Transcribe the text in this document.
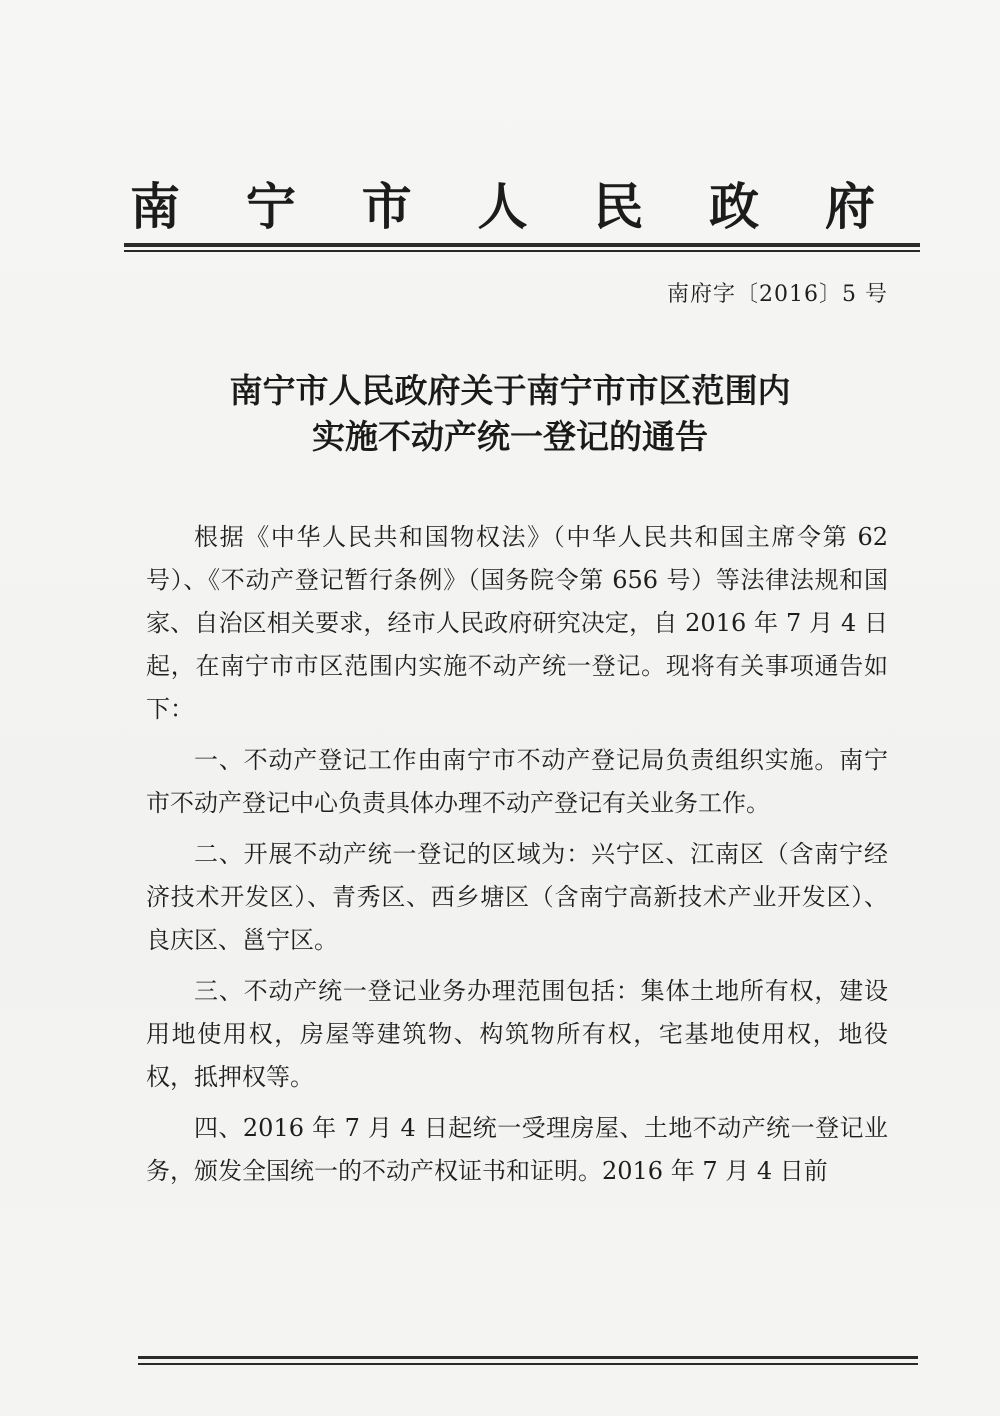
南 宁 市 人 民 政 府
南府字〔2016〕5 号
南宁市人民政府关于南宁市市区范围内
实施不动产统一登记的通告

根据《中华人民共和国物权法》（中华人民共和国主席令第 62 号）、《不动产登记暂行条例》（国务院令第 656 号）等法律法规和国家、自治区相关要求，经市人民政府研究决定，自 2016 年 7 月 4 日起，在南宁市市区范围内实施不动产统一登记。现将有关事项通告如下：

一、不动产登记工作由南宁市不动产登记局负责组织实施。南宁市不动产登记中心负责具体办理不动产登记有关业务工作。

二、开展不动产统一登记的区域为：兴宁区、江南区（含南宁经济技术开发区）、青秀区、西乡塘区（含南宁高新技术产业开发区）、良庆区、邕宁区。

三、不动产统一登记业务办理范围包括：集体土地所有权，建设用地使用权，房屋等建筑物、构筑物所有权，宅基地使用权，地役权，抵押权等。

四、2016 年 7 月 4 日起统一受理房屋、土地不动产统一登记业务，颁发全国统一的不动产权证书和证明。2016 年 7 月 4 日前
